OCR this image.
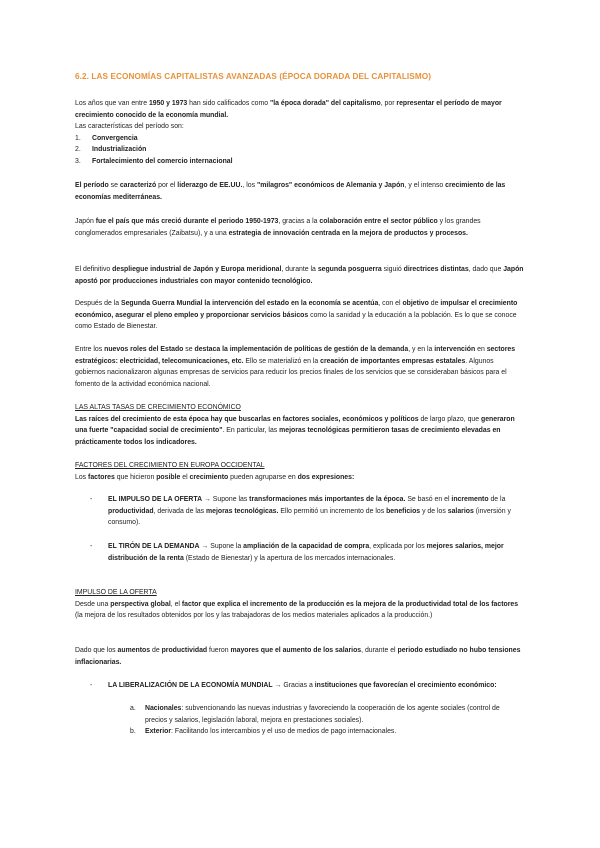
6.2. LAS ECONOMÍAS CAPITALISTAS AVANZADAS (ÉPOCA DORADA DEL CAPITALISMO)

Los años que van entre 1950 y 1973 han sido calificados como "la época dorada" del capitalismo, por representar el período de mayor crecimiento conocido de la economía mundial.

Las características del período son:

1. Convergencia
2. Industrialización
3. Fortalecimiento del comercio internacional

El período se caracterizó por el liderazgo de EE.UU., los "milagros" económicos de Alemania y Japón, y el intenso crecimiento de las economías mediterráneas.

Japón fue el país que más creció durante el periodo 1950-1973, gracias a la colaboración entre el sector público y los grandes conglomerados empresariales (Zaibatsu), y a una estrategia de innovación centrada en la mejora de productos y procesos.

El definitivo despliegue industrial de Japón y Europa meridional, durante la segunda posguerra siguió directrices distintas, dado que Japón apostó por producciones industriales con mayor contenido tecnológico.

Después de la Segunda Guerra Mundial la intervención del estado en la economía se acentúa, con el objetivo de impulsar el crecimiento económico, asegurar el pleno empleo y proporcionar servicios básicos como la sanidad y la educación a la población. Es lo que se conoce como Estado de Bienestar.

Entre los nuevos roles del Estado se destaca la implementación de políticas de gestión de la demanda, y en la intervención en sectores estratégicos: electricidad, telecomunicaciones, etc. Ello se materializó en la creación de importantes empresas estatales. Algunos gobiernos nacionalizaron algunas empresas de servicios para reducir los precios finales de los servicios que se consideraban básicos para el fomento de la actividad económica nacional.

LAS ALTAS TASAS DE CRECIMIENTO ECONÓMICO

Las raíces del crecimiento de esta época hay que buscarlas en factores sociales, económicos y políticos de largo plazo, que generaron una fuerte "capacidad social de crecimiento". En particular, las mejoras tecnológicas permitieron tasas de crecimiento elevadas en prácticamente todos los indicadores.

FACTORES DEL CRECIMIENTO EN EUROPA OCCIDENTAL

Los factores que hicieron posible el crecimiento pueden agruparse en dos expresiones:

- EL IMPULSO DE LA OFERTA → Supone las transformaciones más importantes de la época. Se basó en el incremento de la productividad, derivada de las mejoras tecnológicas. Ello permitió un incremento de los beneficios y de los salarios (inversión y consumo).
- EL TIRÓN DE LA DEMANDA → Supone la ampliación de la capacidad de compra, explicada por los mejores salarios, mejor distribución de la renta (Estado de Bienestar) y la apertura de los mercados internacionales.

IMPULSO DE LA OFERTA

Desde una perspectiva global, el factor que explica el incremento de la producción es la mejora de la productividad total de los factores (la mejora de los resultados obtenidos por los y las trabajadoras de los medios materiales aplicados a la producción.)

Dado que los aumentos de productividad fueron mayores que el aumento de los salarios, durante el periodo estudiado no hubo tensiones inflacionarias.

- LA LIBERALIZACIÓN DE LA ECONOMÍA MUNDIAL → Gracias a instituciones que favorecían el crecimiento económico:
a. Nacionales: subvencionando las nuevas industrias y favoreciendo la cooperación de los agente sociales (control de precios y salarios, legislación laboral, mejora en prestaciones sociales).
b. Exterior: Facilitando los intercambios y el uso de medios de pago internacionales.
